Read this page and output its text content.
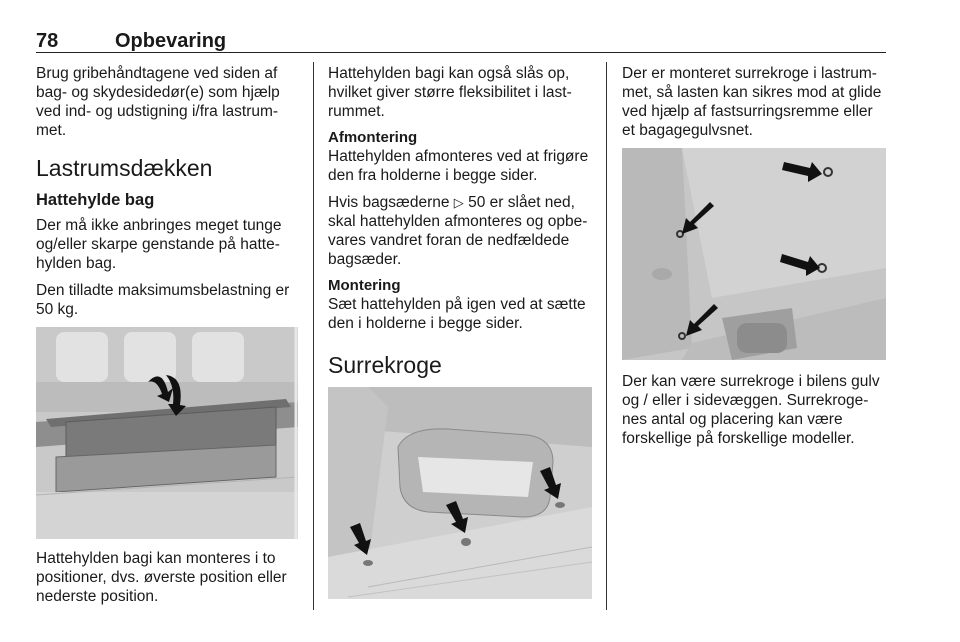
78	Opbevaring

Brug gribehåndtagene ved siden af bag- og skydesidedør(e) som hjælp ved ind- og udstigning i/fra lastrum-met.

Lastrumsdækken
Hattehylde bag

Der må ikke anbringes meget tunge og/eller skarpe genstande på hatte-hylden bag.

Den tilladte maksimumsbelastning er 50 kg.

Hattehylden bagi kan monteres i to positioner, dvs. øverste position eller nederste position.

Hattehylden bagi kan også slås op, hvilket giver større fleksibilitet i last-rummet.

Afmontering

Hattehylden afmonteres ved at frigøre den fra holderne i begge sider.

Hvis bagsæderne ▷ 50 er slået ned, skal hattehylden afmonteres og opbe-vares vandret foran de nedfældede bagsæder.

Montering

Sæt hattehylden på igen ved at sætte den i holderne i begge sider.

Surrekroge

Der er monteret surrekroge i lastrum-met, så lasten kan sikres mod at glide ved hjælp af fastsurringsremme eller et bagagegulvsnet.

Der kan være surrekroge i bilens gulv og / eller i sidevæggen. Surrekroge-nes antal og placering kan være forskellige på forskellige modeller.
